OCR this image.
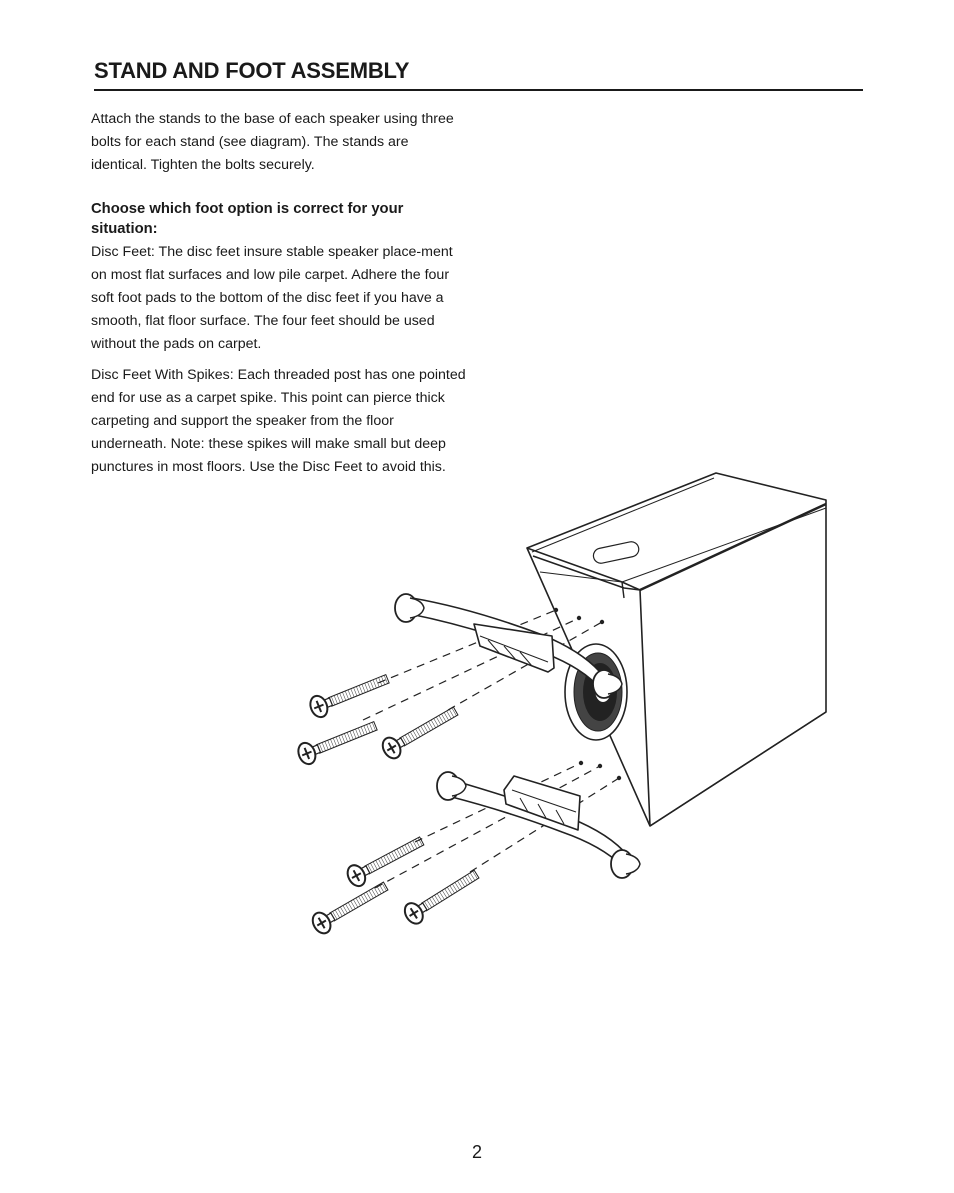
STAND AND FOOT ASSEMBLY

Attach the stands to the base of each speaker using three bolts for each stand (see diagram). The stands are identical. Tighten the bolts securely.

Choose which foot option is correct for your situation:

Disc Feet: The disc feet insure stable speaker place-ment on most flat surfaces and low pile carpet. Adhere the four soft foot pads to the bottom of the disc feet if you have a smooth, flat floor surface. The four feet should be used without the pads on carpet.

Disc Feet With Spikes: Each threaded post has one pointed end for use as a carpet spike. This point can pierce thick carpeting and support the speaker from the floor underneath. Note: these spikes will make small but deep punctures in most floors. Use the Disc Feet to avoid this.

2
